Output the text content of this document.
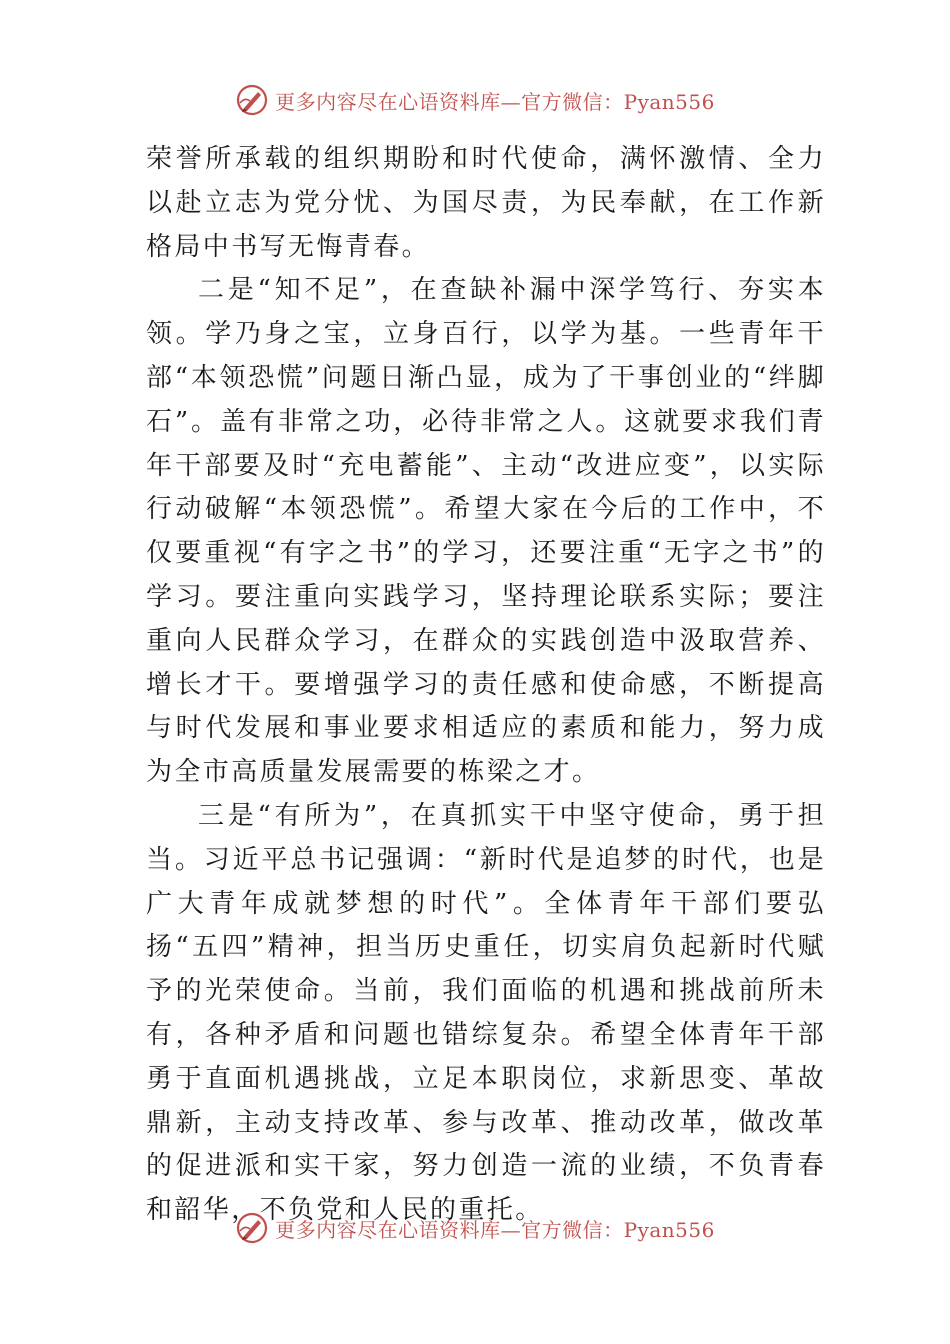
更多内容尽在心语资料库—官方微信：Pyan556

荣誉所承载的组织期盼和时代使命，满怀激情、全力以赴立志为党分忧、为国尽责，为民奉献，在工作新格局中书写无悔青春。

二是“知不足”，在查缺补漏中深学笃行、夯实本领。学乃身之宝，立身百行，以学为基。一些青年干部“本领恐慌”问题日渐凸显，成为了干事创业的“绊脚石”。盖有非常之功，必待非常之人。这就要求我们青年干部要及时“充电蓄能”、主动“改进应变”，以实际行动破解“本领恐慌”。希望大家在今后的工作中，不仅要重视“有字之书”的学习，还要注重“无字之书”的学习。要注重向实践学习，坚持理论联系实际；要注重向人民群众学习，在群众的实践创造中汲取营养、增长才干。要增强学习的责任感和使命感，不断提高与时代发展和事业要求相适应的素质和能力，努力成为全市高质量发展需要的栋梁之才。

三是“有所为”，在真抓实干中坚守使命，勇于担当。习近平总书记强调：“新时代是追梦的时代，也是广大青年成就梦想的时代”。全体青年干部们要弘扬“五四”精神，担当历史重任，切实肩负起新时代赋予的光荣使命。当前，我们面临的机遇和挑战前所未有，各种矛盾和问题也错综复杂。希望全体青年干部勇于直面机遇挑战，立足本职岗位，求新思变、革故鼎新，主动支持改革、参与改革、推动改革，做改革的促进派和实干家，努力创造一流的业绩，不负青春和韶华，不负党和人民的重托。

更多内容尽在心语资料库—官方微信：Pyan556
